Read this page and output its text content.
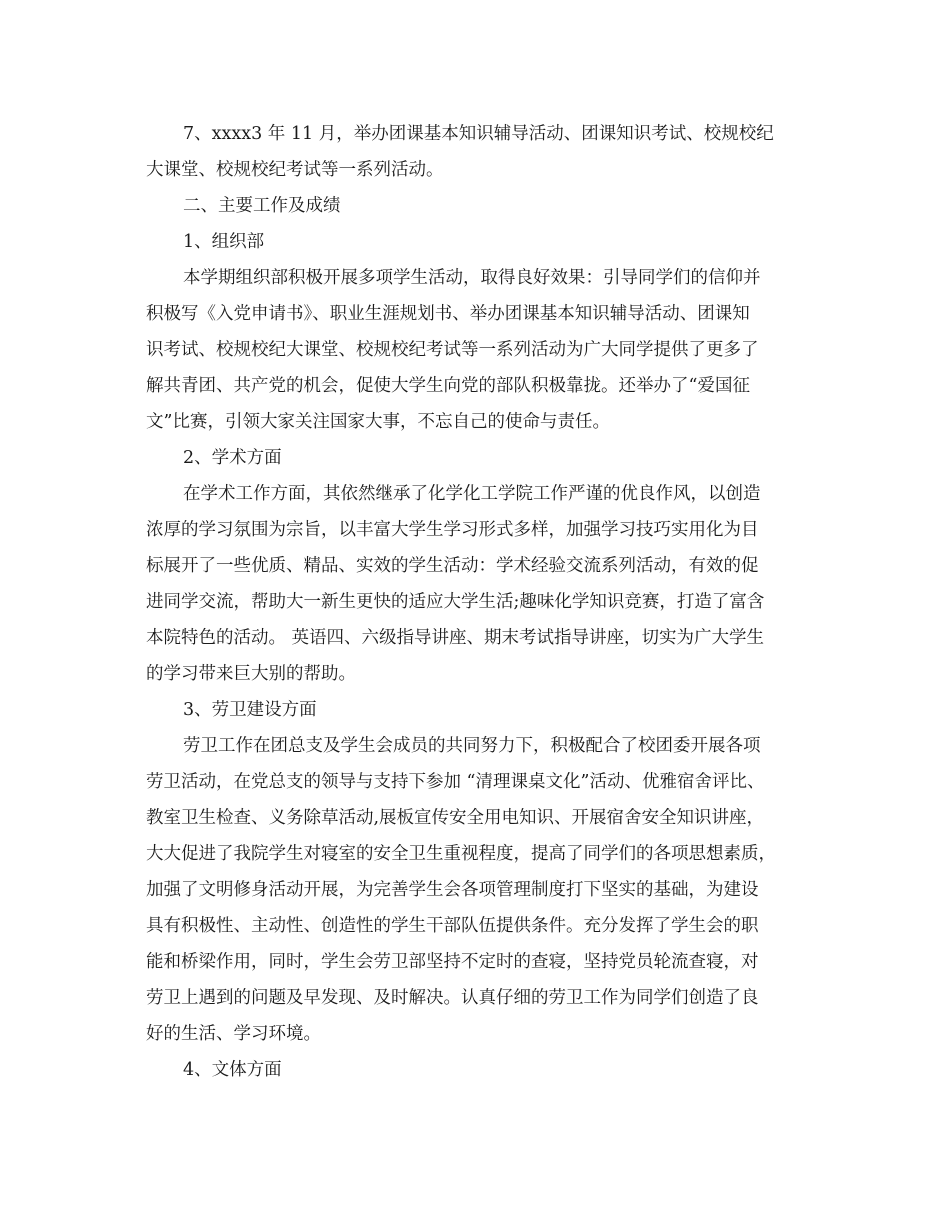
7、xxxx3 年 11 月，举办团课基本知识辅导活动、团课知识考试、校规校纪
大课堂、校规校纪考试等一系列活动。
二、主要工作及成绩
1、组织部
本学期组织部积极开展多项学生活动，取得良好效果：引导同学们的信仰并
积极写《入党申请书》、职业生涯规划书、举办团课基本知识辅导活动、团课知
识考试、校规校纪大课堂、校规校纪考试等一系列活动为广大同学提供了更多了
解共青团、共产党的机会，促使大学生向党的部队积极靠拢。还举办了“爱国征
文”比赛，引领大家关注国家大事，不忘自己的使命与责任。
2、学术方面
在学术工作方面，其依然继承了化学化工学院工作严谨的优良作风，以创造
浓厚的学习氛围为宗旨，以丰富大学生学习形式多样，加强学习技巧实用化为目
标展开了一些优质、精品、实效的学生活动：学术经验交流系列活动，有效的促
进同学交流，帮助大一新生更快的适应大学生活;趣味化学知识竞赛，打造了富含
本院特色的活动。 英语四、六级指导讲座、期末考试指导讲座，切实为广大学生
的学习带来巨大别的帮助。
3、劳卫建设方面
劳卫工作在团总支及学生会成员的共同努力下，积极配合了校团委开展各项
劳卫活动，在党总支的领导与支持下参加 “清理课桌文化”活动、优雅宿舍评比、
教室卫生检查、义务除草活动,展板宣传安全用电知识、开展宿舍安全知识讲座，
大大促进了我院学生对寝室的安全卫生重视程度，提高了同学们的各项思想素质，
加强了文明修身活动开展，为完善学生会各项管理制度打下坚实的基础，为建设
具有积极性、主动性、创造性的学生干部队伍提供条件。充分发挥了学生会的职
能和桥梁作用，同时，学生会劳卫部坚持不定时的查寝，坚持党员轮流查寝，对
劳卫上遇到的问题及早发现、及时解决。认真仔细的劳卫工作为同学们创造了良
好的生活、学习环境。
4、文体方面
